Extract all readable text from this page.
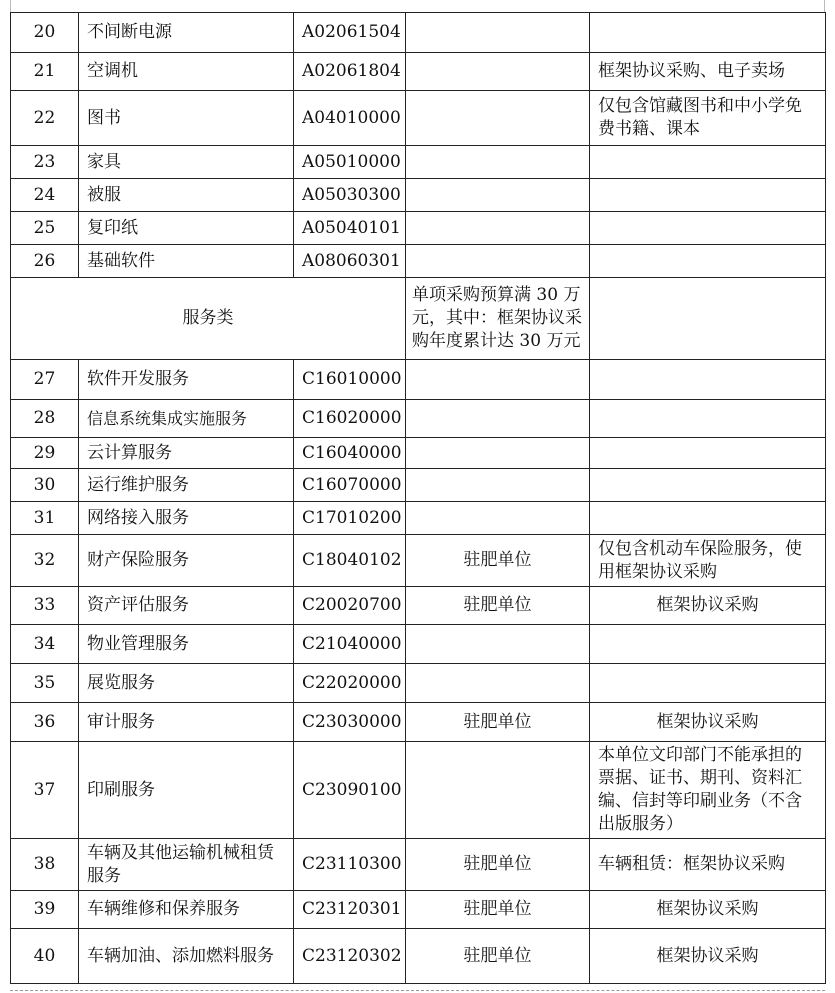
20	不间断电源	A02061504		
21	空调机	A02061804		框架协议采购、电子卖场
22	图书	A04010000		仅包含馆藏图书和中小学免费书籍、课本
23	家具	A05010000		
24	被服	A05030300		
25	复印纸	A05040101		
26	基础软件	A08060301		
服务类			单项采购预算满 30 万元，其中：框架协议采购年度累计达 30 万元	
27	软件开发服务	C16010000		
28	信息系统集成实施服务	C16020000		
29	云计算服务	C16040000		
30	运行维护服务	C16070000		
31	网络接入服务	C17010200		
32	财产保险服务	C18040102	驻肥单位	仅包含机动车保险服务，使用框架协议采购
33	资产评估服务	C20020700	驻肥单位	框架协议采购
34	物业管理服务	C21040000		
35	展览服务	C22020000		
36	审计服务	C23030000	驻肥单位	框架协议采购
37	印刷服务	C23090100		本单位文印部门不能承担的票据、证书、期刊、资料汇编、信封等印刷业务（不含出版服务）
38	车辆及其他运输机械租赁服务	C23110300	驻肥单位	车辆租赁：框架协议采购
39	车辆维修和保养服务	C23120301	驻肥单位	框架协议采购
40	车辆加油、添加燃料服务	C23120302	驻肥单位	框架协议采购
